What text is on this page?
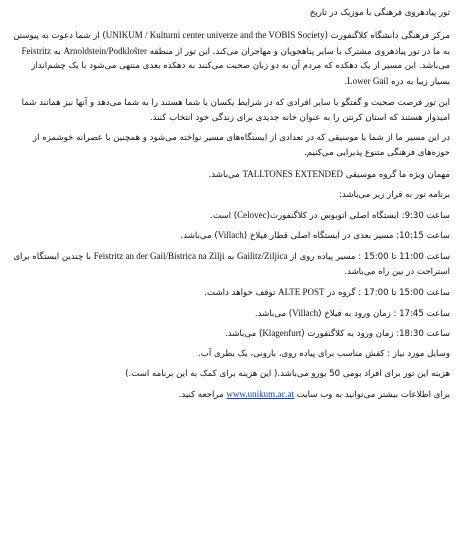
تور پیادهروی فرهنگی با موزیک در تاریخ

مرکز فرهنگی دانشگاه کلاگنفورت (UNIKUM / Kulturni center univerze and the VOBIS Society) از شما دعوت به پیوستن به ما در تور پیادهروی مشترک با سایر پناهجویان و مهاجران می‌کند. این تور از منطقه Arnoldstein/Podkloŝter به Feistritz می‌باشد. این مسیر از یک دهکده که مردم آن به دو زبان صحبت می‌کنند به دهکده بعدی منتهی می‌شود با یک چشم‌انداز بسیار زیبا به دره Lower Gail.

این تور فرصت صحبت و گفتگو با سایر افرادی که در شرایط یکسان با شما هستند را به شما می‌دهد و آنها نیز همانند شما امیدوار هستند که استان کرنتن را به عنوان خانه جدیدی برای زندگی خود انتخاب کنند.

در این مسیر ما از شما با موسیقی که در تعدادی از ایستگاه‌های مسیر نواخته می‌شود و همچنین با عصرانه خوشمزه از حوزه‌های فرهنگی متنوع پذیرایی می‌کنیم.

مهمان ویژه ما گروه موسیقی TALLTONES EXTENDED می‌باشد.

برنامه تور به قرار زیر می‌باشد:

ساعت 9:30: ایستگاه اصلی اتوبوس در کلاگنفورت(Celovec) است.

ساعت 10:15: مسیر بعدی در ایستگاه اصلی قطار فیلاخ (Villach) می‌باشد.

ساعت 11:00 تا 15:00 : مسیر پیاده روی از Gailitz/Ziljica به Feistritz an der Gail/Bistrica na Zilji با چندین ایستگاه برای استراحت در بین راه می‌باشد.

ساعت 15:00 تا 17:00 : گروه در ALTE POST توقف خواهد داشت.

ساعت 17:45 : زمان ورود به فیلاخ (Villach) می‌باشد.

ساعت 18:30: زمان ورود به کلاگنفورت (Klagenfurt) می‌باشد.

وسایل مورد نیاز : کفش مناسب برای پیاده روی، بارونی، یک بطری آب.

هزینه این تور برای افراد بومی 50 یورو می‌باشد.( این هزینه برای کمک به این برنامه است.)

برای اطلاعات بیشتر می‌توانید به وب سایت www.unikum.ac.at مراجعه کنید.
